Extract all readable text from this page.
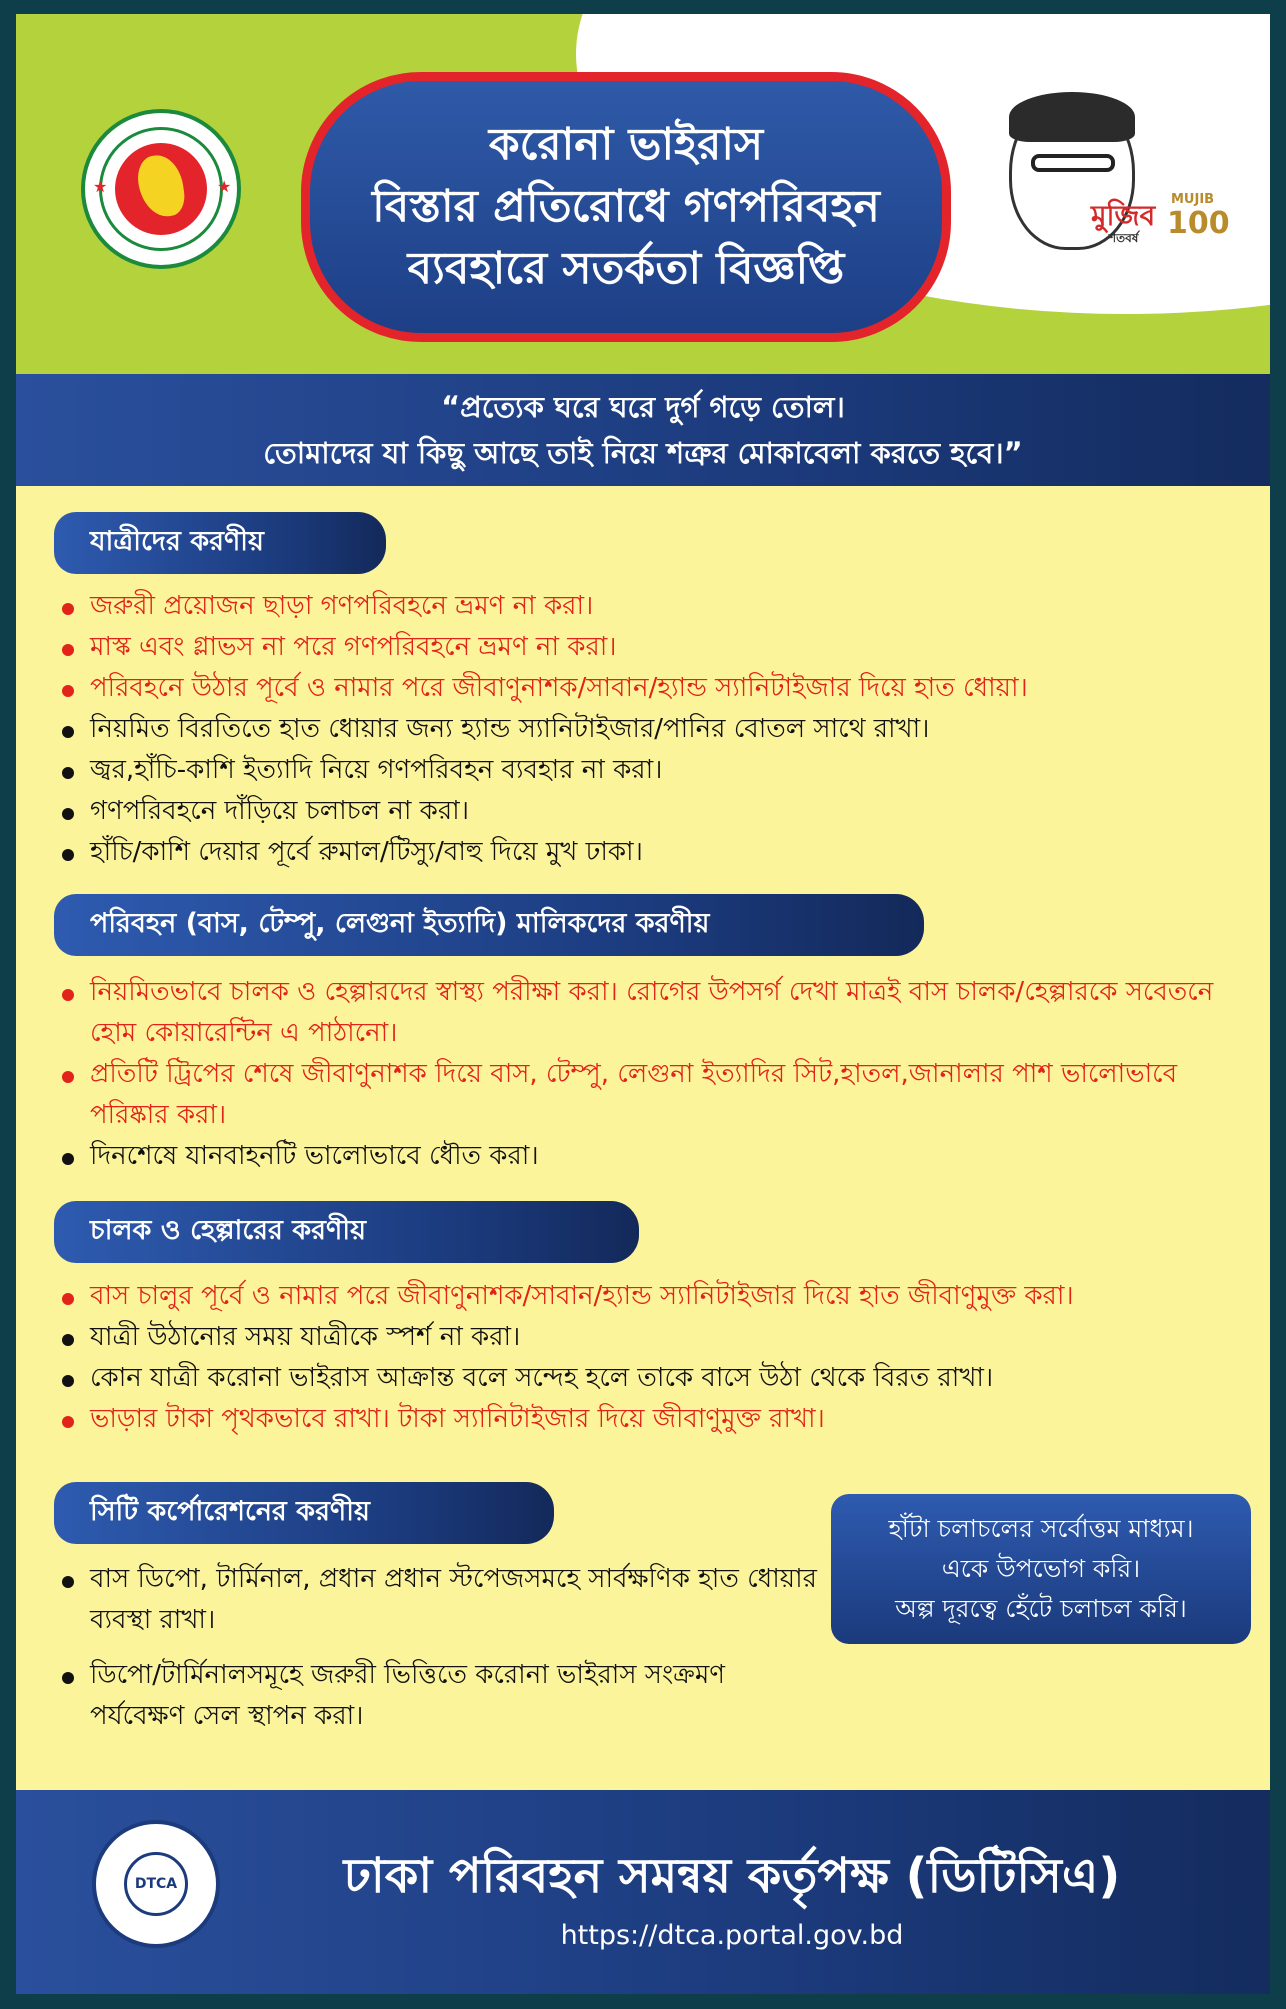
★	★
করোনা ভাইরাস
বিস্তার প্রতিরোধে গণপরিবহন
ব্যবহারে সতর্কতা বিজ্ঞপ্তি
মুজিব
শতবর্ষ
MUJIB
100
“প্রত্যেক ঘরে ঘরে দুর্গ গড়ে তোল।
তোমাদের যা কিছু আছে তাই নিয়ে শত্রুর মোকাবেলা করতে হবে।”
যাত্রীদের করণীয়
জরুরী প্রয়োজন ছাড়া গণপরিবহনে ভ্রমণ না করা।
মাস্ক এবং গ্লাভস না পরে গণপরিবহনে ভ্রমণ না করা।
পরিবহনে উঠার পূর্বে ও নামার পরে জীবাণুনাশক/সাবান/হ্যান্ড স্যানিটাইজার দিয়ে হাত ধোয়া।
নিয়মিত বিরতিতে হাত ধোয়ার জন্য হ্যান্ড স্যানিটাইজার/পানির বোতল সাথে রাখা।
জ্বর,হাঁচি-কাশি ইত্যাদি নিয়ে গণপরিবহন ব্যবহার না করা।
গণপরিবহনে দাঁড়িয়ে চলাচল না করা।
হাঁচি/কাশি দেয়ার পূর্বে রুমাল/টিস্যু/বাহু দিয়ে মুখ ঢাকা।
পরিবহন (বাস, টেম্পু, লেগুনা ইত্যাদি) মালিকদের করণীয়
নিয়মিতভাবে চালক ও হেল্পারদের স্বাস্থ্য পরীক্ষা করা। রোগের উপসর্গ দেখা মাত্রই বাস চালক/হেল্পারকে সবেতনে হোম কোয়ারেন্টিন এ পাঠানো।
প্রতিটি ট্রিপের শেষে জীবাণুনাশক দিয়ে বাস, টেম্পু, লেগুনা ইত্যাদির সিট,হাতল,জানালার পাশ ভালোভাবে পরিষ্কার করা।
দিনশেষে যানবাহনটি ভালোভাবে ধৌত করা।
চালক ও হেল্পারের করণীয়
বাস চালুর পূর্বে ও নামার পরে জীবাণুনাশক/সাবান/হ্যান্ড স্যানিটাইজার দিয়ে হাত জীবাণুমুক্ত করা।
যাত্রী উঠানোর সময় যাত্রীকে স্পর্শ না করা।
কোন যাত্রী করোনা ভাইরাস আক্রান্ত বলে সন্দেহ হলে তাকে বাসে উঠা থেকে বিরত রাখা।
ভাড়ার টাকা পৃথকভাবে রাখা। টাকা স্যানিটাইজার দিয়ে জীবাণুমুক্ত রাখা।
সিটি কর্পোরেশনের করণীয়
বাস ডিপো, টার্মিনাল, প্রধান প্রধান স্টপেজসমহে সার্বক্ষণিক হাত ধোয়ার ব্যবস্থা রাখা।
ডিপো/টার্মিনালসমূহে জরুরী ভিত্তিতে করোনা ভাইরাস সংক্রমণ পর্যবেক্ষণ সেল স্থাপন করা।
হাঁটা চলাচলের সর্বোত্তম মাধ্যম।
একে উপভোগ করি।
অল্প দূরত্বে হেঁটে চলাচল করি।
DTCA	ঢাকা পরিবহন সমন্বয় কর্তৃপক্ষ (ডিটিসিএ)
https://dtca.portal.gov.bd
